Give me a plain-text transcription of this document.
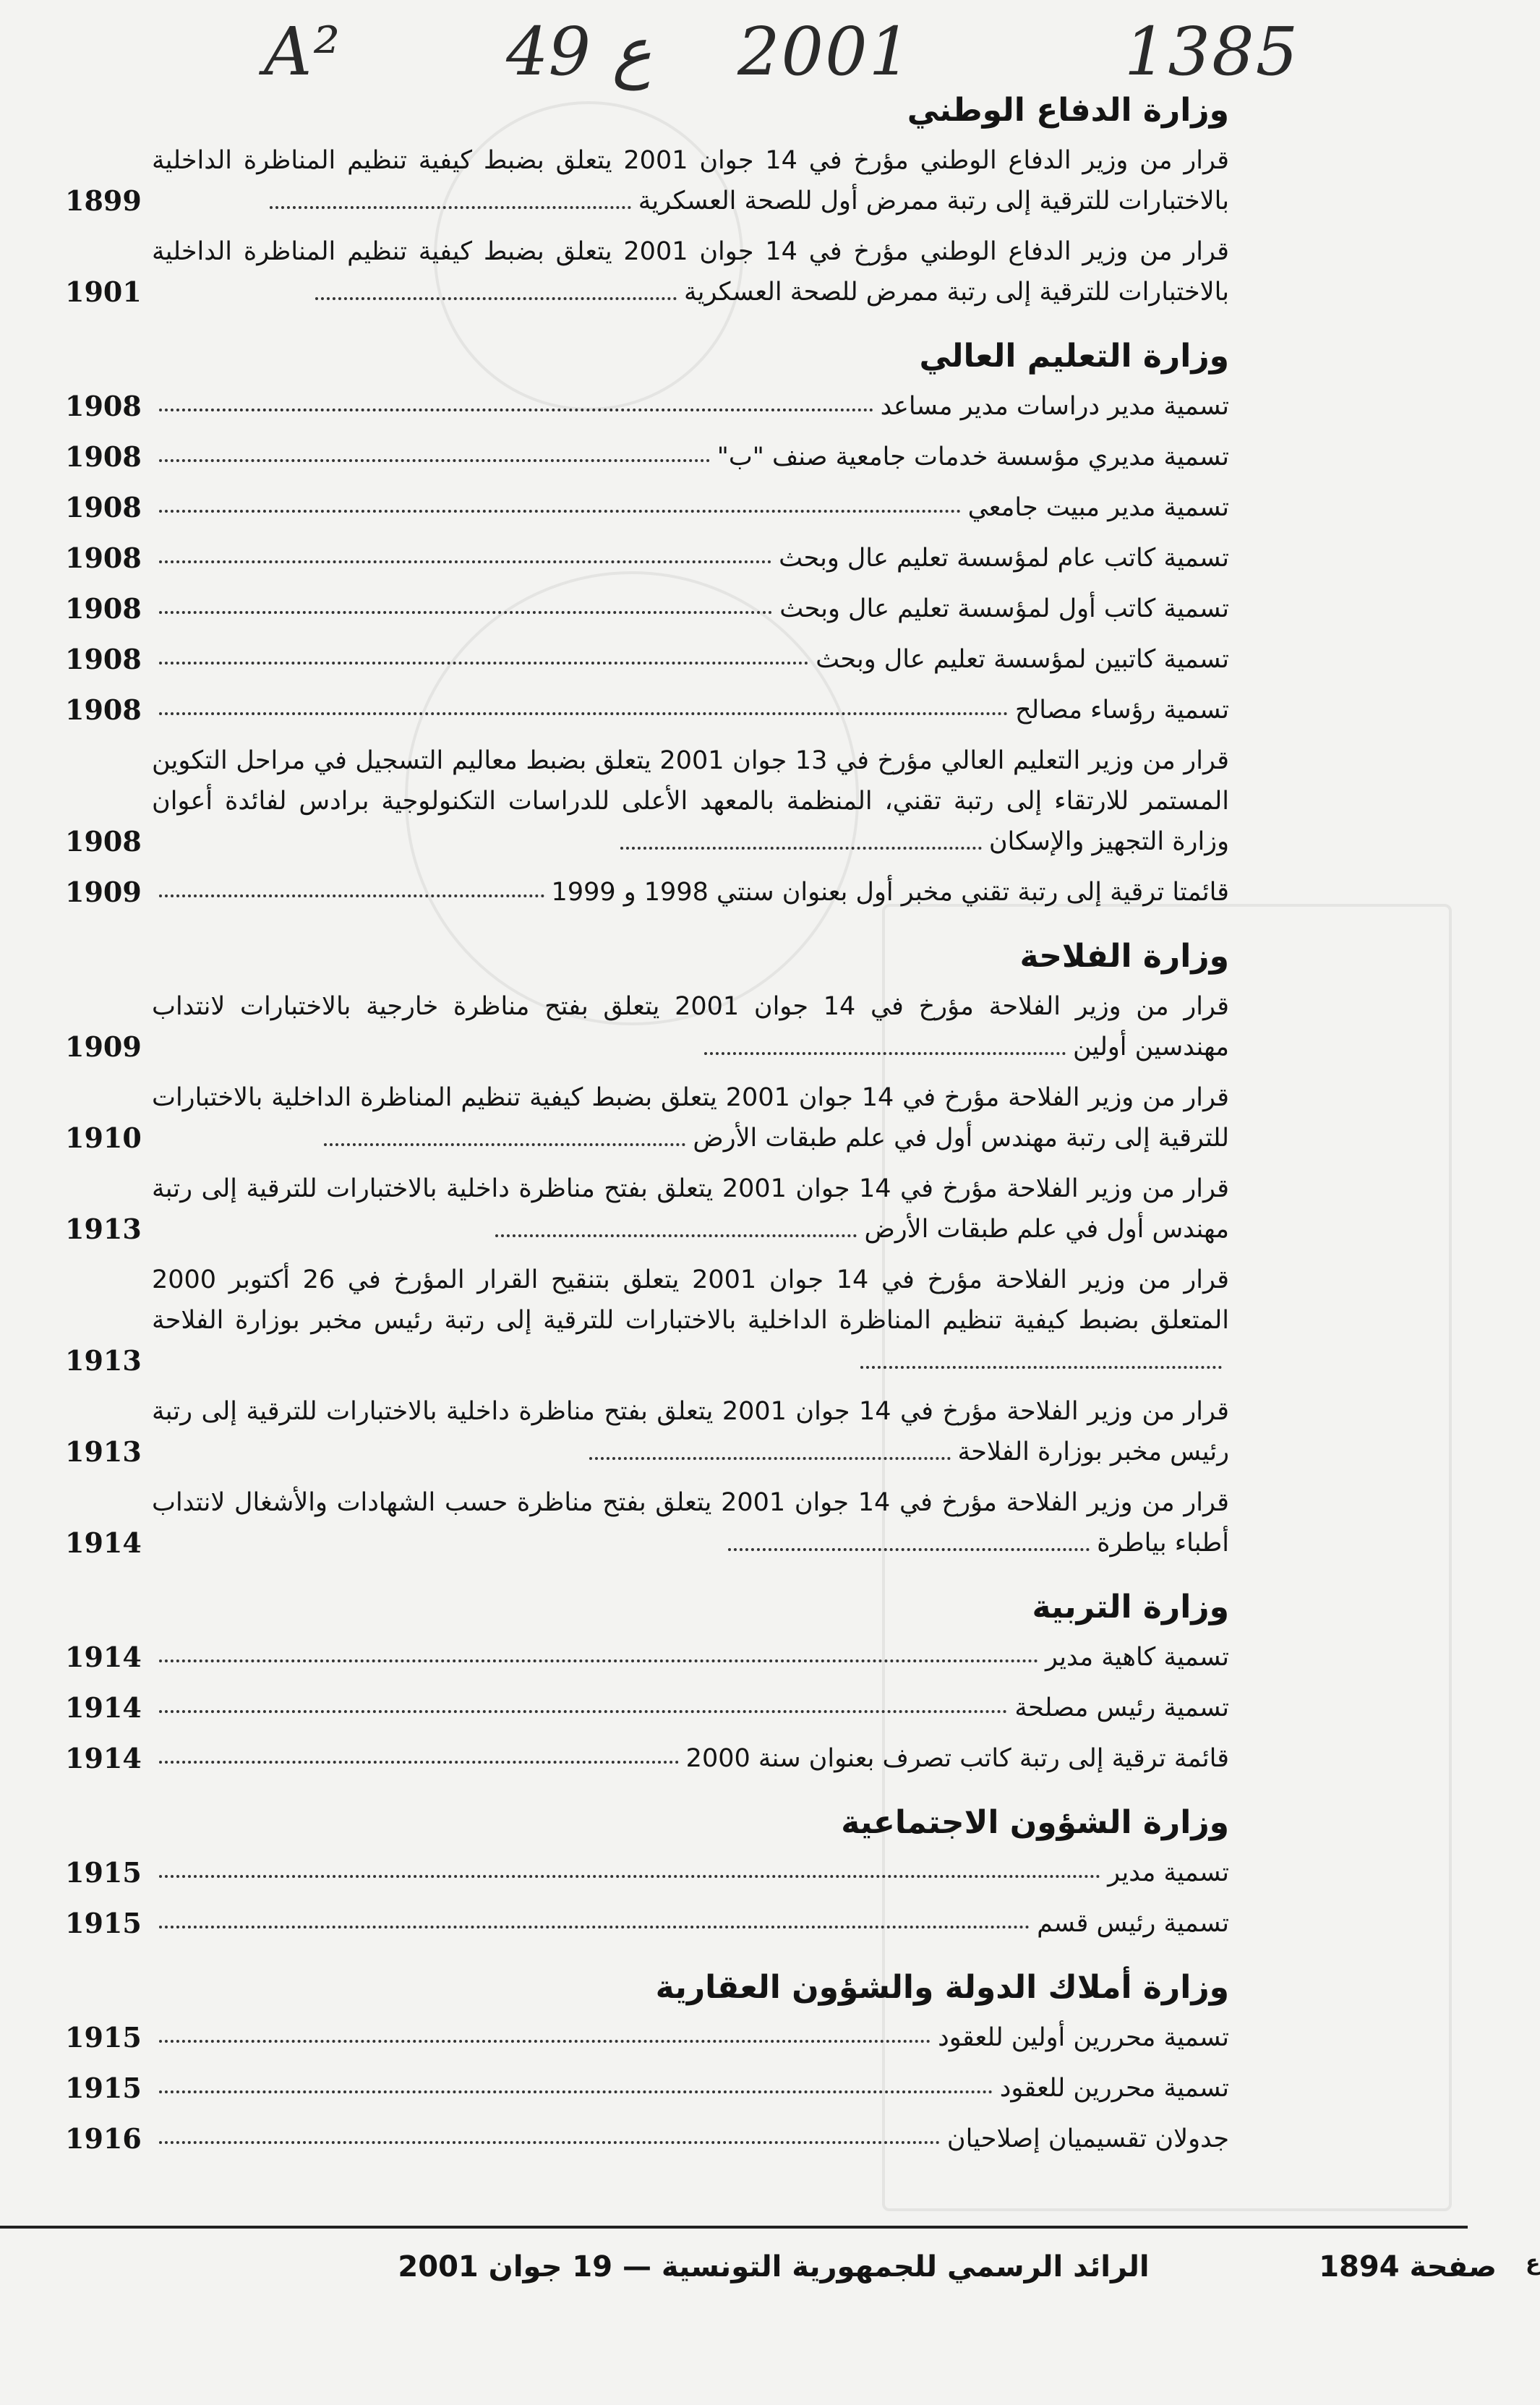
A² 49 ع 2001	1385
وزارة الدفاع الوطني
قرار من وزير الدفاع الوطني مؤرخ في 14 جوان 2001 يتعلق بضبط كيفية تنظيم المناظرة الداخلية بالاختبارات للترقية إلى رتبة ممرض أول للصحة العسكرية
1899
قرار من وزير الدفاع الوطني مؤرخ في 14 جوان 2001 يتعلق بضبط كيفية تنظيم المناظرة الداخلية بالاختبارات للترقية إلى رتبة ممرض للصحة العسكرية
1901
وزارة التعليم العالي
تسمية مدير دراسات مدير مساعد
1908
تسمية مديري مؤسسة خدمات جامعية صنف "ب"
1908
تسمية مدير مبيت جامعي
1908
تسمية كاتب عام لمؤسسة تعليم عال وبحث
1908
تسمية كاتب أول لمؤسسة تعليم عال وبحث
1908
تسمية كاتبين لمؤسسة تعليم عال وبحث
1908
تسمية رؤساء مصالح
1908
قرار من وزير التعليم العالي مؤرخ في 13 جوان 2001 يتعلق بضبط معاليم التسجيل في مراحل التكوين المستمر للارتقاء إلى رتبة تقني، المنظمة بالمعهد الأعلى للدراسات التكنولوجية برادس لفائدة أعوان وزارة التجهيز والإسكان
1908
قائمتا ترقية إلى رتبة تقني مخبر أول بعنوان سنتي 1998 و 1999
1909
وزارة الفلاحة
قرار من وزير الفلاحة مؤرخ في 14 جوان 2001 يتعلق بفتح مناظرة خارجية بالاختبارات لانتداب مهندسين أولين
1909
قرار من وزير الفلاحة مؤرخ في 14 جوان 2001 يتعلق بضبط كيفية تنظيم المناظرة الداخلية بالاختبارات للترقية إلى رتبة مهندس أول في علم طبقات الأرض
1910
قرار من وزير الفلاحة مؤرخ في 14 جوان 2001 يتعلق بفتح مناظرة داخلية بالاختبارات للترقية إلى رتبة مهندس أول في علم طبقات الأرض
1913
قرار من وزير الفلاحة مؤرخ في 14 جوان 2001 يتعلق بتنقيح القرار المؤرخ في 26 أكتوبر 2000 المتعلق بضبط كيفية تنظيم المناظرة الداخلية بالاختبارات للترقية إلى رتبة رئيس مخبر بوزارة الفلاحة
1913
قرار من وزير الفلاحة مؤرخ في 14 جوان 2001 يتعلق بفتح مناظرة داخلية بالاختبارات للترقية إلى رتبة رئيس مخبر بوزارة الفلاحة
1913
قرار من وزير الفلاحة مؤرخ في 14 جوان 2001 يتعلق بفتح مناظرة حسب الشهادات والأشغال لانتداب أطباء بياطرة
1914
وزارة التربية
تسمية كاهية مدير
1914
تسمية رئيس مصلحة
1914
قائمة ترقية إلى رتبة كاتب تصرف بعنوان سنة 2000
1914
وزارة الشؤون الاجتماعية
تسمية مدير
1915
تسمية رئيس قسم
1915
وزارة أملاك الدولة والشؤون العقارية
تسمية محررين أولين للعقود
1915
تسمية محررين للعقود
1915
جدولان تقسيميان إصلاحيان
1916
الرائد الرسمي للجمهورية التونسية — 19 جوان 2001	صفحة 1894 ع
